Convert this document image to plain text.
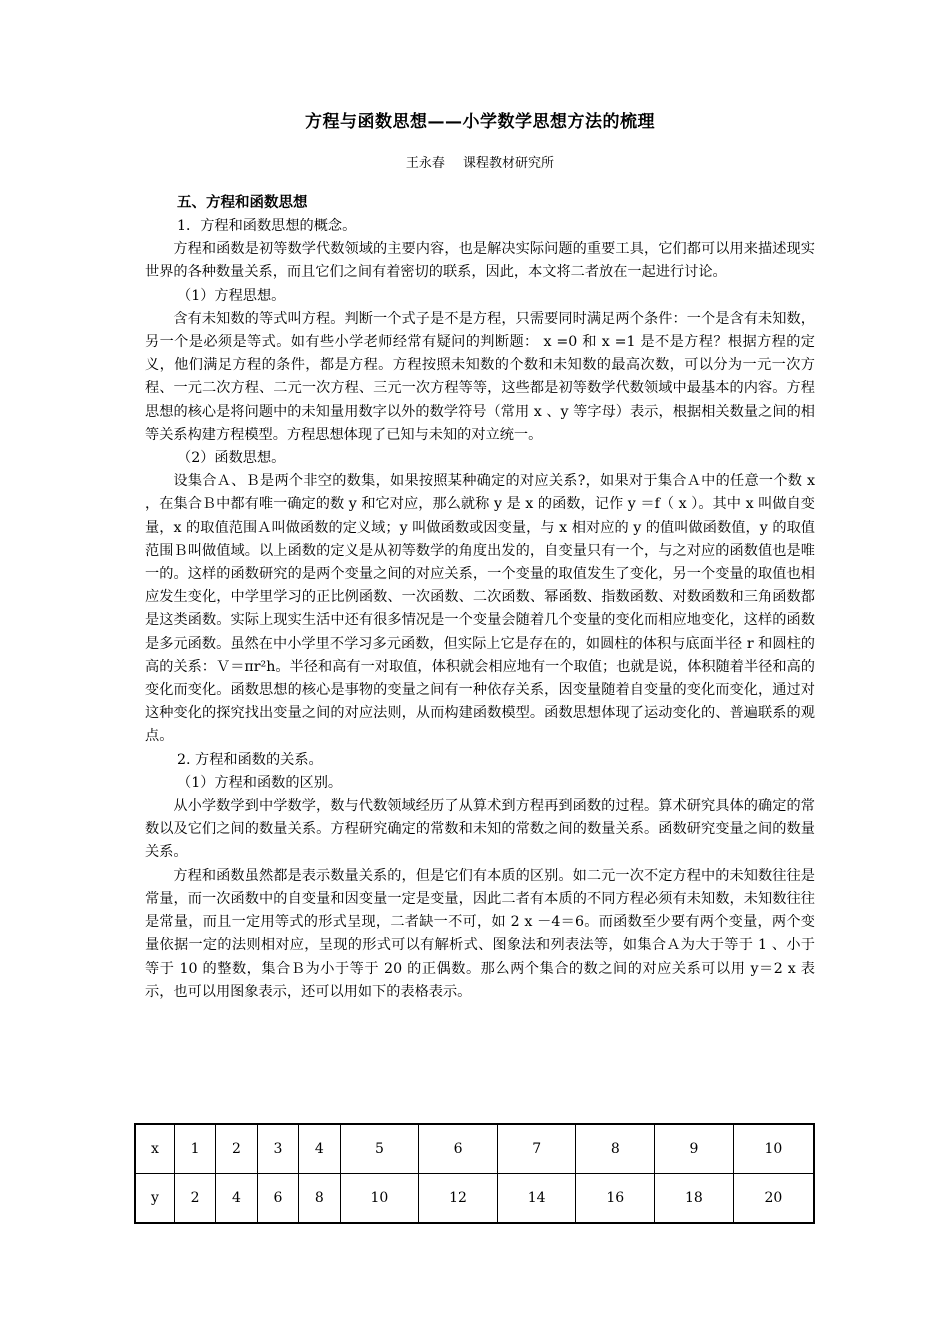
方程与函数思想——小学数学思想方法的梳理
王永春 课程教材研究所
五、方程和函数思想

1．方程和函数思想的概念。

方程和函数是初等数学代数领域的主要内容，也是解决实际问题的重要工具，它们都可以用来描述现实世界的各种数量关系，而且它们之间有着密切的联系，因此，本文将二者放在一起进行讨论。

（1）方程思想。

含有未知数的等式叫方程。判断一个式子是不是方程，只需要同时满足两个条件：一个是含有未知数，另一个是必须是等式。如有些小学老师经常有疑问的判断题： x =0 和 x =1 是不是方程？根据方程的定义，他们满足方程的条件，都是方程。方程按照未知数的个数和未知数的最高次数，可以分为一元一次方程、一元二次方程、二元一次方程、三元一次方程等等，这些都是初等数学代数领域中最基本的内容。方程思想的核心是将问题中的未知量用数字以外的数学符号（常用 x 、y 等字母）表示，根据相关数量之间的相等关系构建方程模型。方程思想体现了已知与未知的对立统一。

（2）函数思想。

设集合Ａ、Ｂ是两个非空的数集，如果按照某种确定的对应关系?，如果对于集合Ａ中的任意一个数 x ，在集合Ｂ中都有唯一确定的数 y 和它对应，那么就称 y 是 x 的函数，记作 y ＝f（ x ）。其中 x 叫做自变量，x 的取值范围Ａ叫做函数的定义域；y 叫做函数或因变量，与 x 相对应的 y 的值叫做函数值，y 的取值范围Ｂ叫做值域。以上函数的定义是从初等数学的角度出发的，自变量只有一个，与之对应的函数值也是唯一的。这样的函数研究的是两个变量之间的对应关系，一个变量的取值发生了变化，另一个变量的取值也相应发生变化，中学里学习的正比例函数、一次函数、二次函数、幂函数、指数函数、对数函数和三角函数都是这类函数。实际上现实生活中还有很多情况是一个变量会随着几个变量的变化而相应地变化，这样的函数是多元函数。虽然在中小学里不学习多元函数，但实际上它是存在的，如圆柱的体积与底面半径 r 和圆柱的高的关系：Ｖ＝πr²h。半径和高有一对取值，体积就会相应地有一个取值；也就是说，体积随着半径和高的变化而变化。函数思想的核心是事物的变量之间有一种依存关系，因变量随着自变量的变化而变化，通过对这种变化的探究找出变量之间的对应法则，从而构建函数模型。函数思想体现了运动变化的、普遍联系的观点。

2. 方程和函数的关系。

（1）方程和函数的区别。

从小学数学到中学数学，数与代数领域经历了从算术到方程再到函数的过程。算术研究具体的确定的常数以及它们之间的数量关系。方程研究确定的常数和未知的常数之间的数量关系。函数研究变量之间的数量关系。

方程和函数虽然都是表示数量关系的，但是它们有本质的区别。如二元一次不定方程中的未知数往往是常量，而一次函数中的自变量和因变量一定是变量，因此二者有本质的不同方程必须有未知数，未知数往往是常量，而且一定用等式的形式呈现，二者缺一不可，如 2 x －4＝6。而函数至少要有两个变量，两个变量依据一定的法则相对应，呈现的形式可以有解析式、图象法和列表法等，如集合Ａ为大于等于 1 、小于等于 10 的整数，集合Ｂ为小于等于 20 的正偶数。那么两个集合的数之间的对应关系可以用 y＝2 x 表示，也可以用图象表示，还可以用如下的表格表示。

x	1	2	3	4	5	6	7	8	9	10
y	2	4	6	8	10	12	14	16	18	20
